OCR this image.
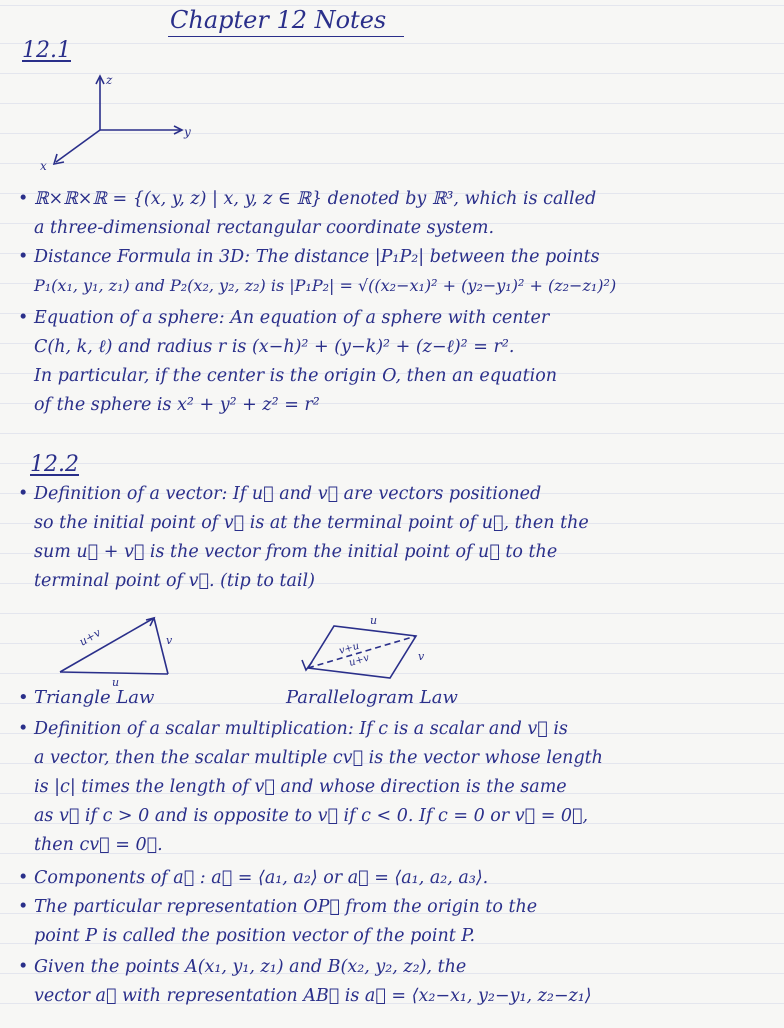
Chapter 12 Notes
12.1
z
y
x
• ℝ×ℝ×ℝ = {(x, y, z) | x, y, z ∈ ℝ} denoted by ℝ³, which is called
a three-dimensional rectangular coordinate system.
• Distance Formula in 3D: The distance |P₁P₂| between the points
P₁(x₁, y₁, z₁) and P₂(x₂, y₂, z₂) is |P₁P₂| = √((x₂−x₁)² + (y₂−y₁)² + (z₂−z₁)²)
• Equation of a sphere: An equation of a sphere with center
C(h, k, ℓ) and radius r is (x−h)² + (y−k)² + (z−ℓ)² = r².
In particular, if the center is the origin O, then an equation
of the sphere is x² + y² + z² = r²
12.2
• Definition of a vector: If u⃗ and v⃗ are vectors positioned
so the initial point of v⃗ is at the terminal point of u⃗, then the
sum u⃗ + v⃗ is the vector from the initial point of u⃗ to the
terminal point of v⃗. (tip to tail)
u+v
u
v
u
v+u
u+v	v
• Triangle Law	Parallelogram Law
• Definition of a scalar multiplication: If c is a scalar and v⃗ is
a vector, then the scalar multiple cv⃗ is the vector whose length
is |c| times the length of v⃗ and whose direction is the same
as v⃗ if c > 0 and is opposite to v⃗ if c < 0. If c = 0 or v⃗ = 0⃗,
then cv⃗ = 0⃗.
• Components of a⃗ : a⃗ = ⟨a₁, a₂⟩ or a⃗ = ⟨a₁, a₂, a₃⟩.
• The particular representation OP⃗ from the origin to the
point P is called the position vector of the point P.
• Given the points A(x₁, y₁, z₁) and B(x₂, y₂, z₂), the
vector a⃗ with representation AB⃗ is a⃗ = ⟨x₂−x₁, y₂−y₁, z₂−z₁⟩
